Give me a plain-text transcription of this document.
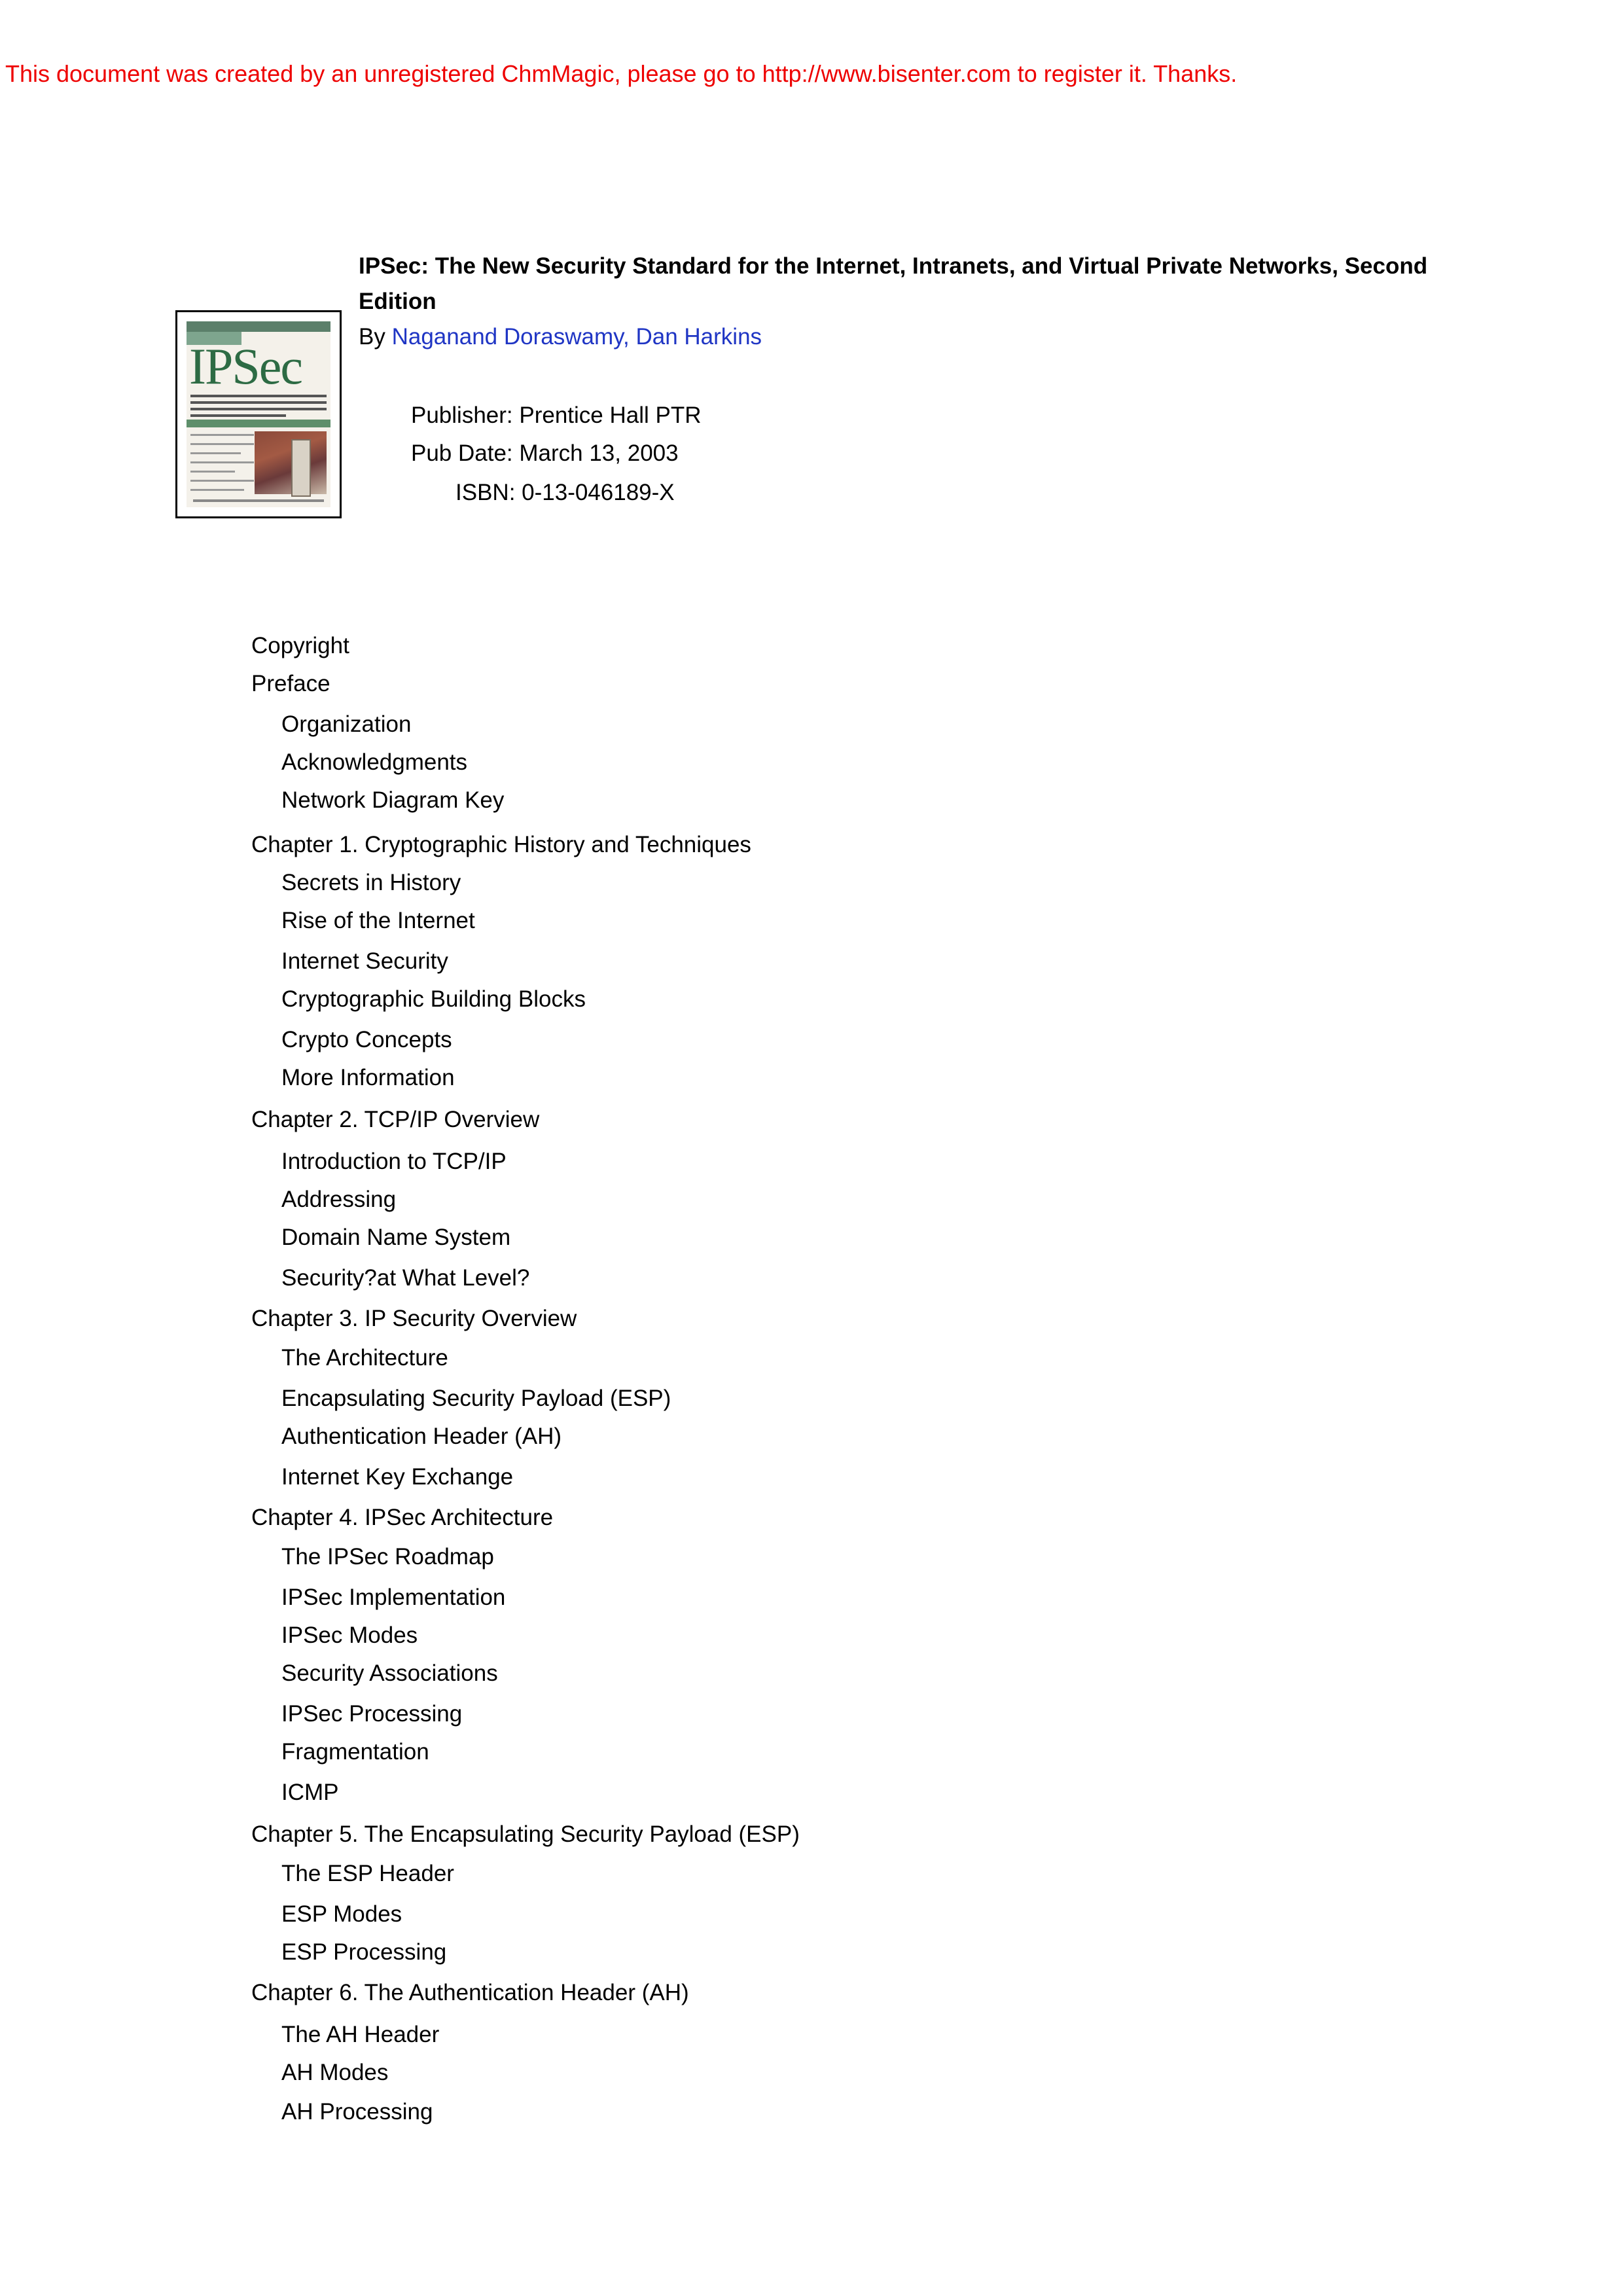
This document was created by an unregistered ChmMagic, please go to http://www.bisenter.com to register it. Thanks.
IPSec
IPSec: The New Security Standard for the Internet, Intranets, and Virtual Private Networks, Second Edition
By Naganand Doraswamy, Dan Harkins
Publisher: Prentice Hall PTR
Pub Date: March 13, 2003
ISBN: 0-13-046189-X
Copyright
Preface
Organization
Acknowledgments
Network Diagram Key
Chapter 1. Cryptographic History and Techniques
Secrets in History
Rise of the Internet
Internet Security
Cryptographic Building Blocks
Crypto Concepts
More Information
Chapter 2. TCP/IP Overview
Introduction to TCP/IP
Addressing
Domain Name System
Security?at What Level?
Chapter 3. IP Security Overview
The Architecture
Encapsulating Security Payload (ESP)
Authentication Header (AH)
Internet Key Exchange
Chapter 4. IPSec Architecture
The IPSec Roadmap
IPSec Implementation
IPSec Modes
Security Associations
IPSec Processing
Fragmentation
ICMP
Chapter 5. The Encapsulating Security Payload (ESP)
The ESP Header
ESP Modes
ESP Processing
Chapter 6. The Authentication Header (AH)
The AH Header
AH Modes
AH Processing
